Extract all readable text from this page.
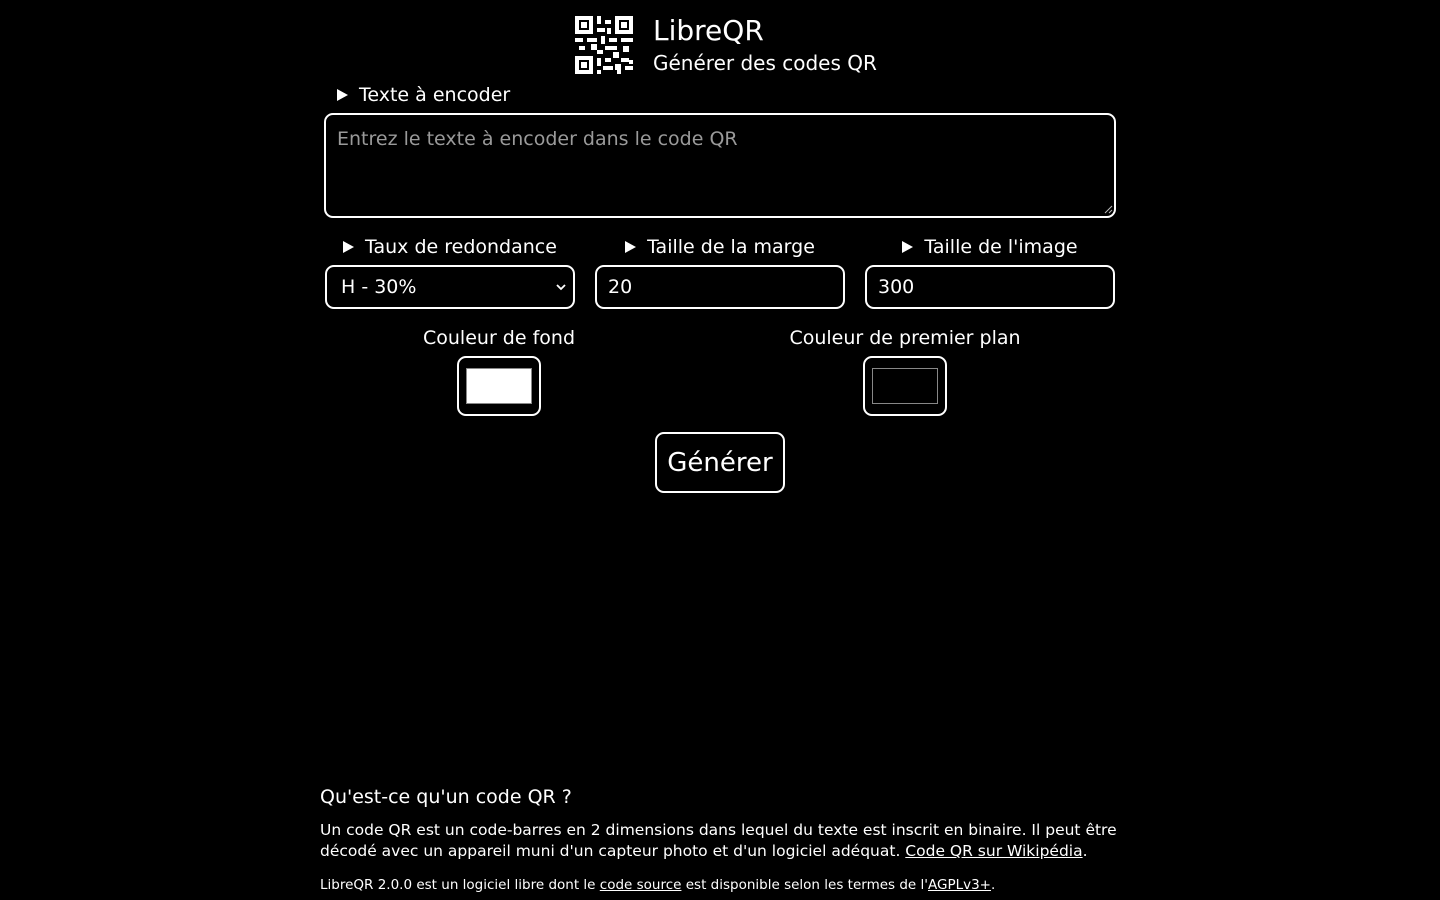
LibreQR
Générer des codes QR
Texte à encoder
Entrez le texte à encoder dans le code QR
Taux de redondance
H - 30%
Taille de la marge
20
Taille de l'image
300
Couleur de fond	Couleur de premier plan
Générer
Qu'est-ce qu'un code QR ?
Un code QR est un code-barres en 2 dimensions dans lequel du texte est inscrit en binaire. Il peut être décodé avec un appareil muni d'un capteur photo et d'un logiciel adéquat. Code QR sur Wikipédia.
LibreQR 2.0.0 est un logiciel libre dont le code source est disponible selon les termes de l'AGPLv3+.
